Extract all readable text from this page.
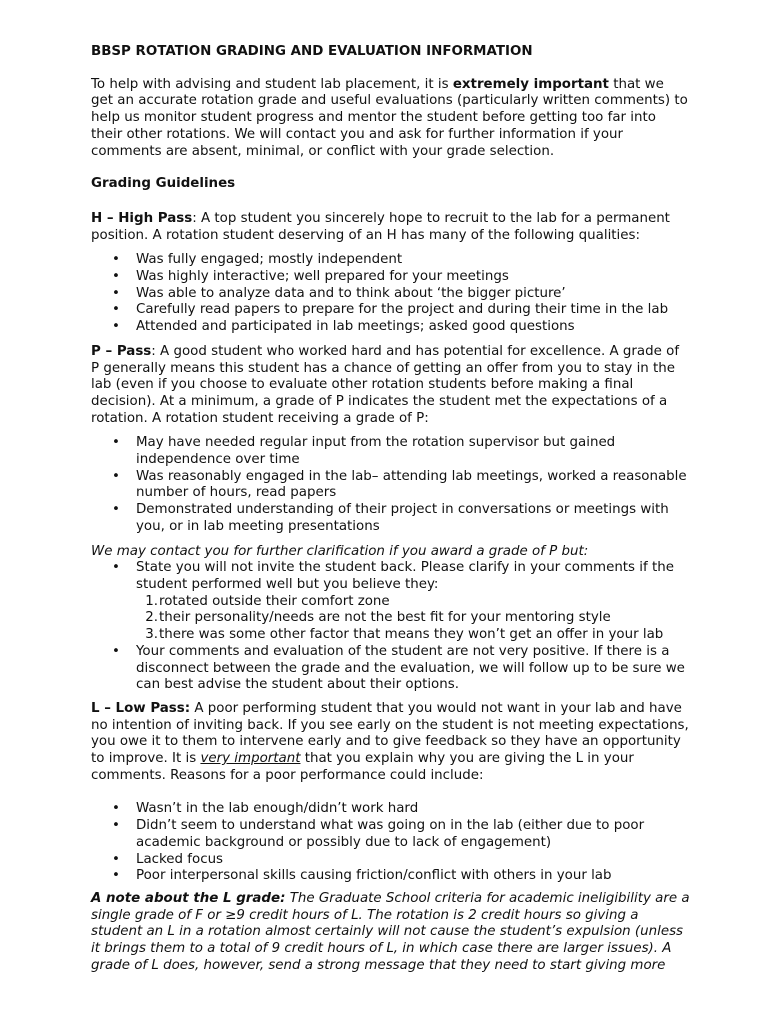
BBSP ROTATION GRADING AND EVALUATION INFORMATION

To help with advising and student lab placement, it is extremely important that we get an accurate rotation grade and useful evaluations (particularly written comments) to help us monitor student progress and mentor the student before getting too far into their other rotations. We will contact you and ask for further information if your comments are absent, minimal, or conflict with your grade selection.

Grading Guidelines

H – High Pass: A top student you sincerely hope to recruit to the lab for a permanent position. A rotation student deserving of an H has many of the following qualities:

• Was fully engaged; mostly independent
• Was highly interactive; well prepared for your meetings
• Was able to analyze data and to think about ‘the bigger picture’
• Carefully read papers to prepare for the project and during their time in the lab
• Attended and participated in lab meetings; asked good questions

P – Pass: A good student who worked hard and has potential for excellence. A grade of P generally means this student has a chance of getting an offer from you to stay in the lab (even if you choose to evaluate other rotation students before making a final decision). At a minimum, a grade of P indicates the student met the expectations of a rotation. A rotation student receiving a grade of P:

• May have needed regular input from the rotation supervisor but gained independence over time
• Was reasonably engaged in the lab– attending lab meetings, worked a reasonable number of hours, read papers
• Demonstrated understanding of their project in conversations or meetings with you, or in lab meeting presentations

We may contact you for further clarification if you award a grade of P but:

• State you will not invite the student back. Please clarify in your comments if the student performed well but you believe they:
1. rotated outside their comfort zone
2. their personality/needs are not the best fit for your mentoring style
3. there was some other factor that means they won’t get an offer in your lab
• Your comments and evaluation of the student are not very positive. If there is a disconnect between the grade and the evaluation, we will follow up to be sure we can best advise the student about their options.

L – Low Pass: A poor performing student that you would not want in your lab and have no intention of inviting back. If you see early on the student is not meeting expectations, you owe it to them to intervene early and to give feedback so they have an opportunity to improve. It is very important that you explain why you are giving the L in your comments. Reasons for a poor performance could include:

• Wasn’t in the lab enough/didn’t work hard
• Didn’t seem to understand what was going on in the lab (either due to poor academic background or possibly due to lack of engagement)
• Lacked focus
• Poor interpersonal skills causing friction/conflict with others in your lab

A note about the L grade: The Graduate School criteria for academic ineligibility are a single grade of F or ≥9 credit hours of L. The rotation is 2 credit hours so giving a student an L in a rotation almost certainly will not cause the student’s expulsion (unless it brings them to a total of 9 credit hours of L, in which case there are larger issues). A grade of L does, however, send a strong message that they need to start giving more
